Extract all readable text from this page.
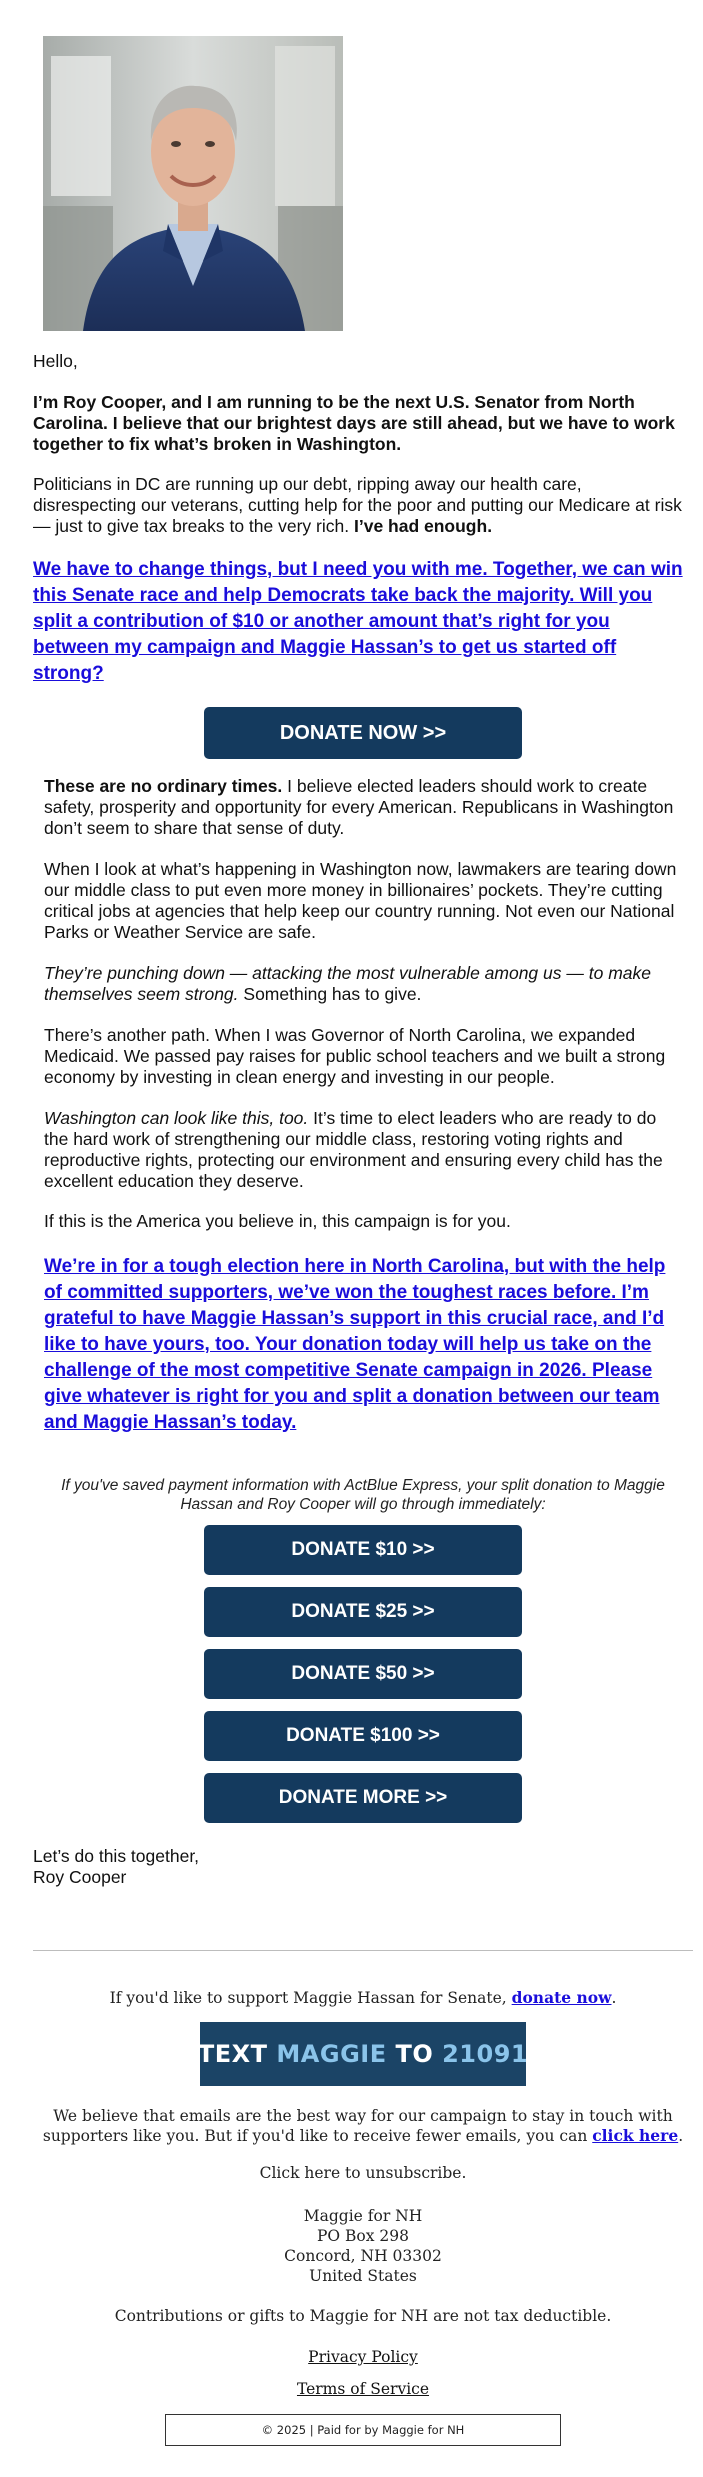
Hello,

I’m Roy Cooper, and I am running to be the next U.S. Senator from North Carolina. I believe that our brightest days are still ahead, but we have to work together to fix what’s broken in Washington.

Politicians in DC are running up our debt, ripping away our health care, disrespecting our veterans, cutting help for the poor and putting our Medicare at risk — just to give tax breaks to the very rich. I’ve had enough.

We have to change things, but I need you with me. Together, we can win this Senate race and help Democrats take back the majority. Will you split a contribution of $10 or another amount that’s right for you between my campaign and Maggie Hassan’s to get us started off strong?

DONATE NOW >>

These are no ordinary times. I believe elected leaders should work to create safety, prosperity and opportunity for every American. Republicans in Washington don’t seem to share that sense of duty.

When I look at what’s happening in Washington now, lawmakers are tearing down our middle class to put even more money in billionaires’ pockets. They’re cutting critical jobs at agencies that help keep our country running. Not even our National Parks or Weather Service are safe.

They’re punching down — attacking the most vulnerable among us — to make themselves seem strong. Something has to give.

There’s another path. When I was Governor of North Carolina, we expanded Medicaid. We passed pay raises for public school teachers and we built a strong economy by investing in clean energy and investing in our people.

Washington can look like this, too. It’s time to elect leaders who are ready to do the hard work of strengthening our middle class, restoring voting rights and reproductive rights, protecting our environment and ensuring every child has the excellent education they deserve.

If this is the America you believe in, this campaign is for you.

We’re in for a tough election here in North Carolina, but with the help of committed supporters, we’ve won the toughest races before. I’m grateful to have Maggie Hassan’s support in this crucial race, and I’d like to have yours, too. Your donation today will help us take on the challenge of the most competitive Senate campaign in 2026. Please give whatever is right for you and split a donation between our team and Maggie Hassan’s today.

If you've saved payment information with ActBlue Express, your split donation to Maggie Hassan and Roy Cooper will go through immediately:
DONATE $10 >>
DONATE $25 >>
DONATE $50 >>
DONATE $100 >>
DONATE MORE >>

Let’s do this together,

Roy Cooper

If you'd like to support Maggie Hassan for Senate, donate now.
TEXT
MAGGIE
TO
21091
We believe that emails are the best way for our campaign to stay in touch with supporters like you. But if you'd like to receive fewer emails, you can click here.
Click here to unsubscribe.
Maggie for NH
PO Box 298
Concord, NH 03302
United States
Contributions or gifts to Maggie for NH are not tax deductible.
Privacy Policy
Terms of Service
© 2025 | Paid for by Maggie for NH
